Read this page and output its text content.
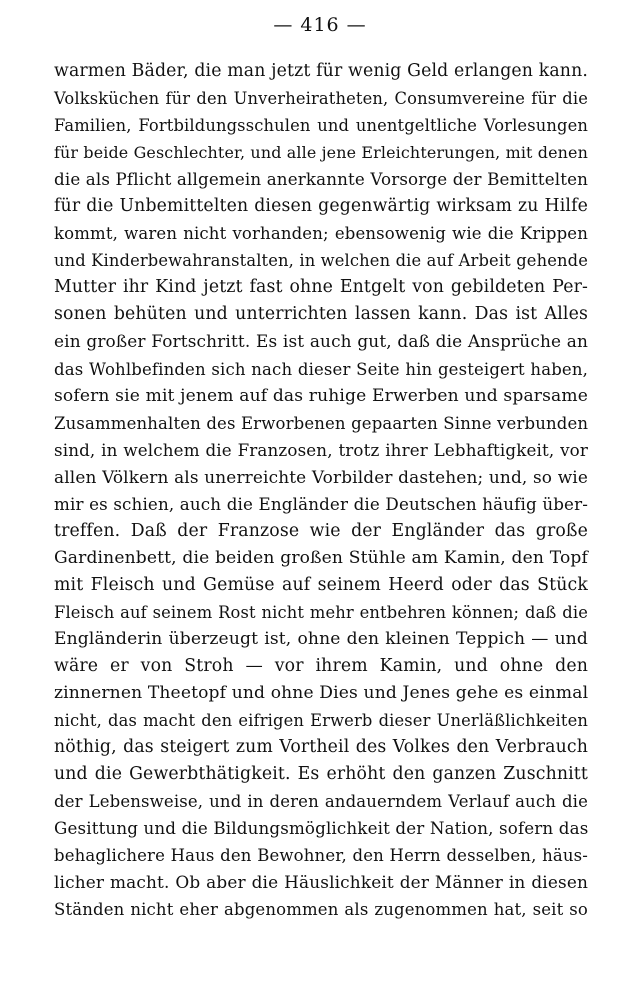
— 416 —
warmen Bäder, die man jetzt für wenig Geld erlangen kann.
Volksküchen für den Unverheiratheten, Consumvereine für die
Familien, Fortbildungsschulen und unentgeltliche Vorlesungen
für beide Geschlechter, und alle jene Erleichterungen, mit denen
die als Pflicht allgemein anerkannte Vorsorge der Bemittelten
für die Unbemittelten diesen gegenwärtig wirksam zu Hilfe
kommt, waren nicht vorhanden; ebensowenig wie die Krippen
und Kinderbewahranstalten, in welchen die auf Arbeit gehende
Mutter ihr Kind jetzt fast ohne Entgelt von gebildeten Per-
sonen behüten und unterrichten lassen kann. Das ist Alles
ein großer Fortschritt. Es ist auch gut, daß die Ansprüche an
das Wohlbefinden sich nach dieser Seite hin gesteigert haben,
sofern sie mit jenem auf das ruhige Erwerben und sparsame
Zusammenhalten des Erworbenen gepaarten Sinne verbunden
sind, in welchem die Franzosen, trotz ihrer Lebhaftigkeit, vor
allen Völkern als unerreichte Vorbilder dastehen; und, so wie
mir es schien, auch die Engländer die Deutschen häufig über-
treffen. Daß der Franzose wie der Engländer das große
Gardinenbett, die beiden großen Stühle am Kamin, den Topf
mit Fleisch und Gemüse auf seinem Heerd oder das Stück
Fleisch auf seinem Rost nicht mehr entbehren können; daß die
Engländerin überzeugt ist, ohne den kleinen Teppich — und
wäre er von Stroh — vor ihrem Kamin, und ohne den
zinnernen Theetopf und ohne Dies und Jenes gehe es einmal
nicht, das macht den eifrigen Erwerb dieser Unerläßlichkeiten
nöthig, das steigert zum Vortheil des Volkes den Verbrauch
und die Gewerbthätigkeit. Es erhöht den ganzen Zuschnitt
der Lebensweise, und in deren andauerndem Verlauf auch die
Gesittung und die Bildungsmöglichkeit der Nation, sofern das
behaglichere Haus den Bewohner, den Herrn desselben, häus-
licher macht. Ob aber die Häuslichkeit der Männer in diesen
Ständen nicht eher abgenommen als zugenommen hat, seit so
